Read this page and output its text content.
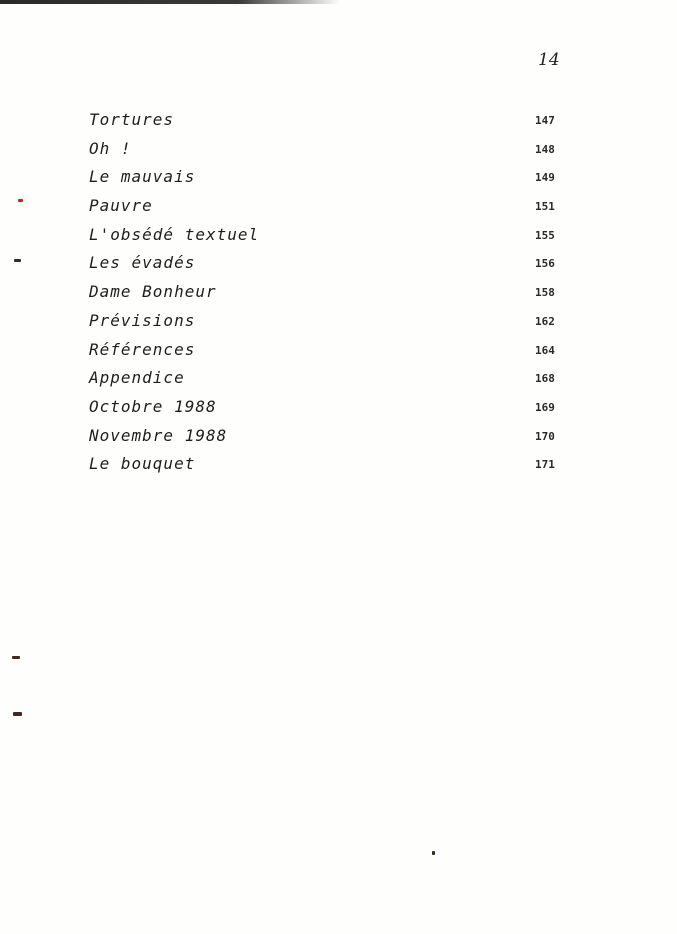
14
Tortures	147
Oh !	148
Le mauvais	149
Pauvre	151
L'obsédé textuel	155
Les évadés	156
Dame Bonheur	158
Prévisions	162
Références	164
Appendice	168
Octobre 1988	169
Novembre 1988	170
Le bouquet	171
